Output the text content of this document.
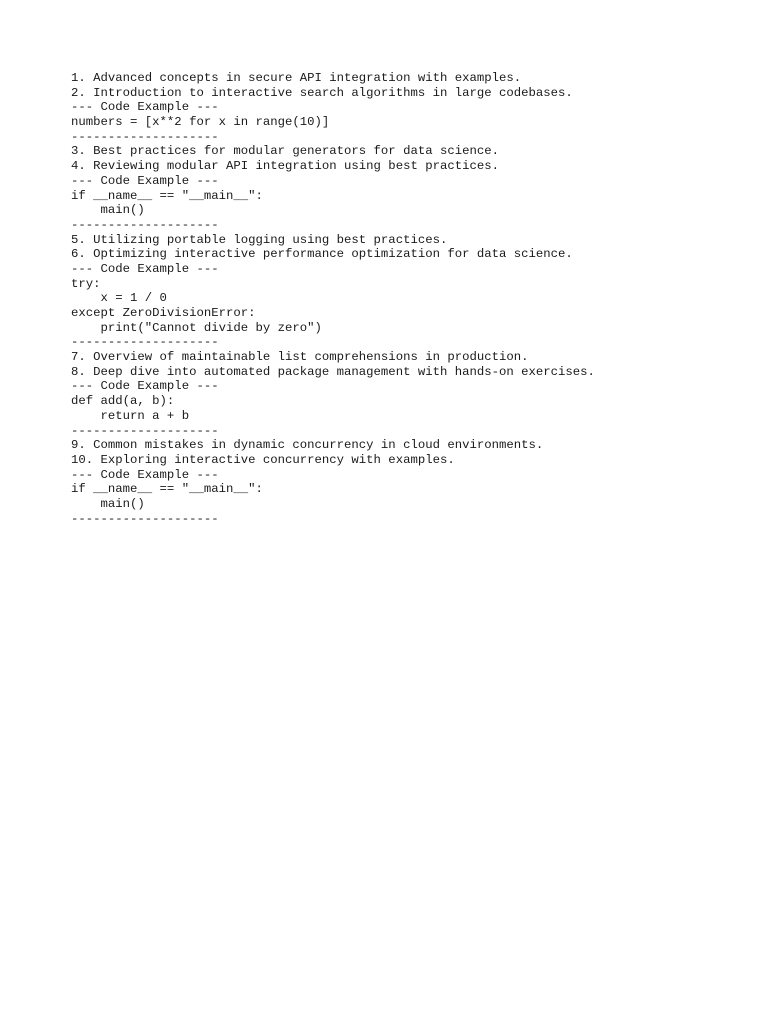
1. Advanced concepts in secure API integration with examples.
2. Introduction to interactive search algorithms in large codebases.
--- Code Example ---
numbers = [x**2 for x in range(10)]
--------------------
3. Best practices for modular generators for data science.
4. Reviewing modular API integration using best practices.
--- Code Example ---
if __name__ == "__main__":
main()
--------------------
5. Utilizing portable logging using best practices.
6. Optimizing interactive performance optimization for data science.
--- Code Example ---
try:
x = 1 / 0
except ZeroDivisionError:
print("Cannot divide by zero")
--------------------
7. Overview of maintainable list comprehensions in production.
8. Deep dive into automated package management with hands-on exercises.
--- Code Example ---
def add(a, b):
return a + b
--------------------
9. Common mistakes in dynamic concurrency in cloud environments.
10. Exploring interactive concurrency with examples.
--- Code Example ---
if __name__ == "__main__":
main()
--------------------
